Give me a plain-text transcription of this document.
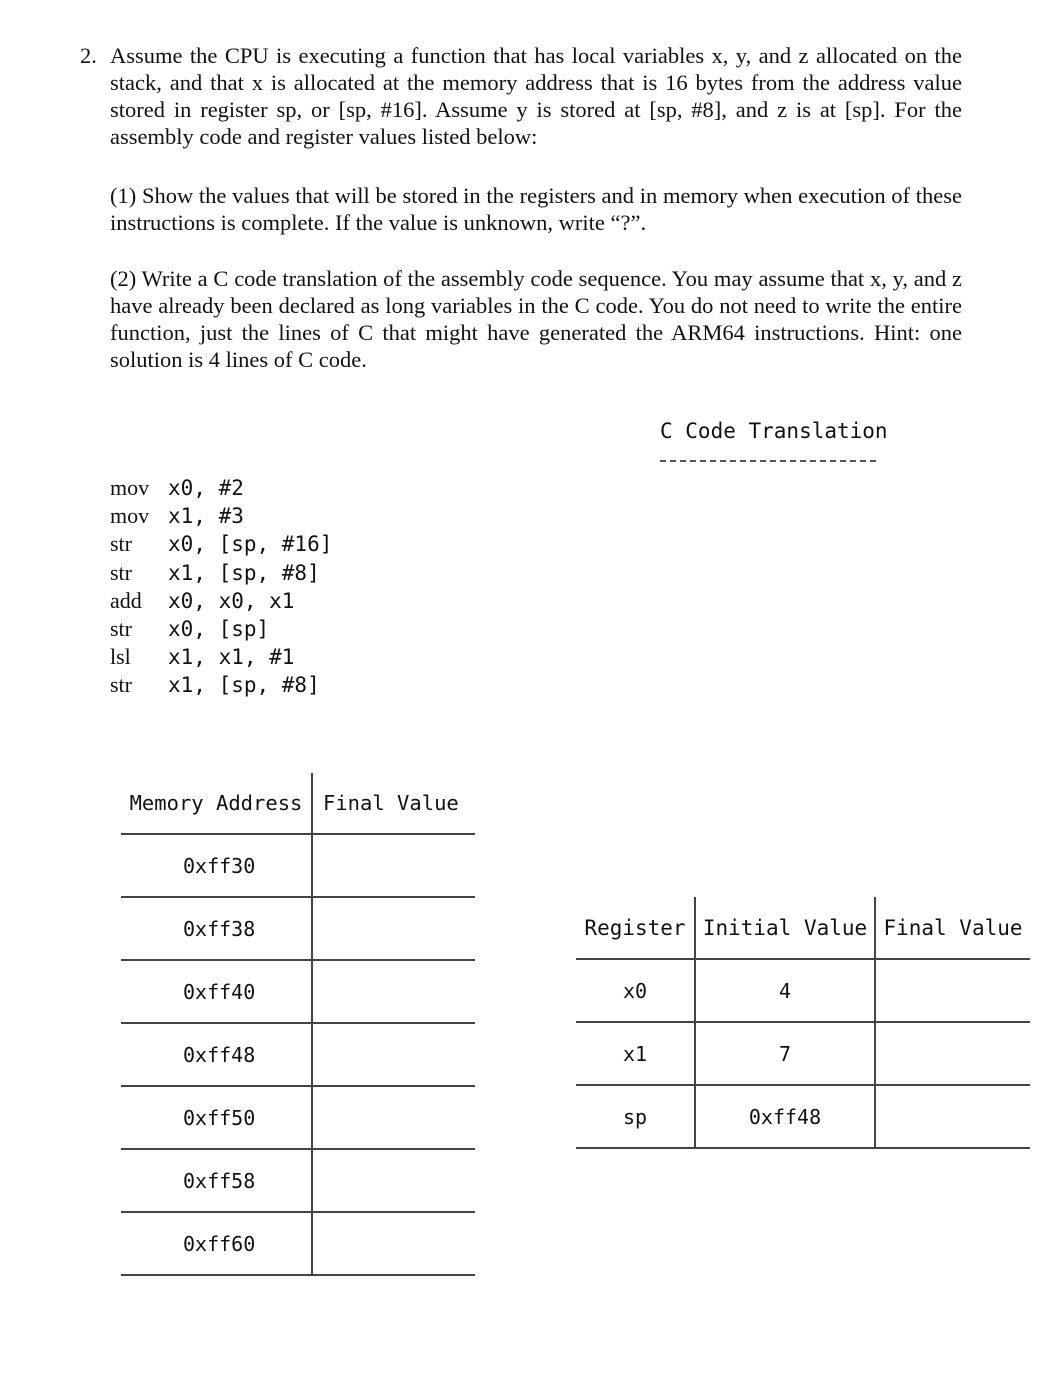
2. Assume the CPU is executing a function that has local variables x, y, and z allocated on the stack, and that x is allocated at the memory address that is 16 bytes from the address value stored in register sp, or [sp, #16]. Assume y is stored at [sp, #8], and z is at [sp]. For the assembly code and register values listed below:
(1) Show the values that will be stored in the registers and in memory when execution of these instructions is complete. If the value is unknown, write “?”.
(2) Write a C code translation of the assembly code sequence. You may assume that x, y, and z have already been declared as long variables in the C code. You do not need to write the entire function, just the lines of C that might have generated the ARM64 instructions. Hint: one solution is 4 lines of C code.
C Code Translation
mov x0, #2
mov x1, #3
str	x0, [sp, #16]
str	x1, [sp, #8]
add	x0, x0, x1
str	x0, [sp]
lsl	x1, x1, #1
str	x1, [sp, #8]
Memory Address	Final Value
0xff30	
0xff38	
0xff40	
0xff48	
0xff50	
0xff58	
0xff60	
Register	Initial Value	Final Value
x0	4	
x1	7	
sp	0xff48	
